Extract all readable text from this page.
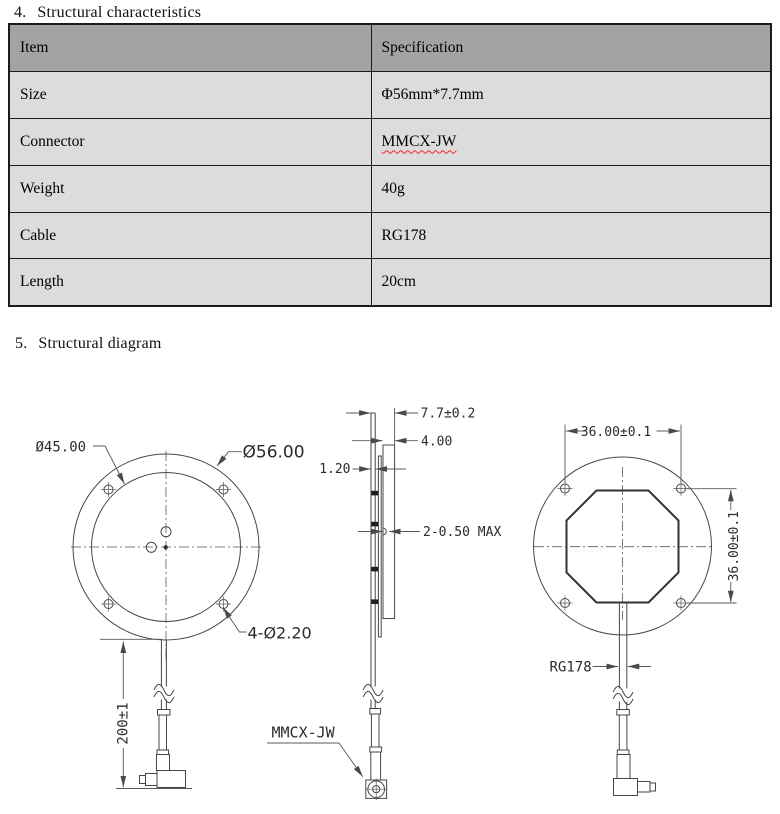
4. Structural characteristics
Item	Specification
Size	Φ56mm*7.7mm
Connector	MMCX-JW
Weight	40g
Cable	RG178
Length	20cm
5. Structural diagram
Ø45.00	Ø56.00
4-Ø2.20
200±1
7.7±0.2
4.00
1.20
2-0.50 MAX
MMCX-JW
36.00±0.1
36.00±0.1
RG178
